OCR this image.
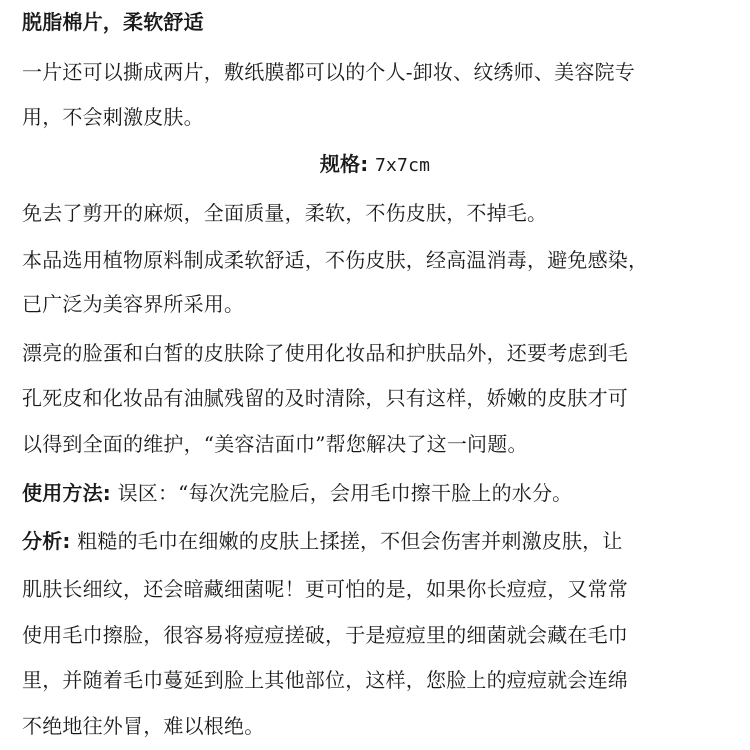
脱脂棉片，柔软舒适
一片还可以撕成两片，敷纸膜都可以的个人-卸妆、纹绣师、美容院专
用，不会刺激皮肤。
规格: 7x7cm
免去了剪开的麻烦，全面质量，柔软，不伤皮肤，不掉毛。
本品选用植物原料制成柔软舒适，不伤皮肤，经高温消毒，避免感染，
已广泛为美容界所采用。
漂亮的脸蛋和白皙的皮肤除了使用化妆品和护肤品外，还要考虑到毛
孔死皮和化妆品有油腻残留的及时清除，只有这样，娇嫩的皮肤才可
以得到全面的维护，“美容洁面巾”帮您解决了这一问题。
使用方法: 误区：“每次洗完脸后，会用毛巾擦干脸上的水分。
分析: 粗糙的毛巾在细嫩的皮肤上揉搓，不但会伤害并刺激皮肤，让
肌肤长细纹，还会暗藏细菌呢！更可怕的是，如果你长痘痘，又常常
使用毛巾擦脸，很容易将痘痘搓破，于是痘痘里的细菌就会藏在毛巾
里，并随着毛巾蔓延到脸上其他部位，这样，您脸上的痘痘就会连绵
不绝地往外冒，难以根绝。
